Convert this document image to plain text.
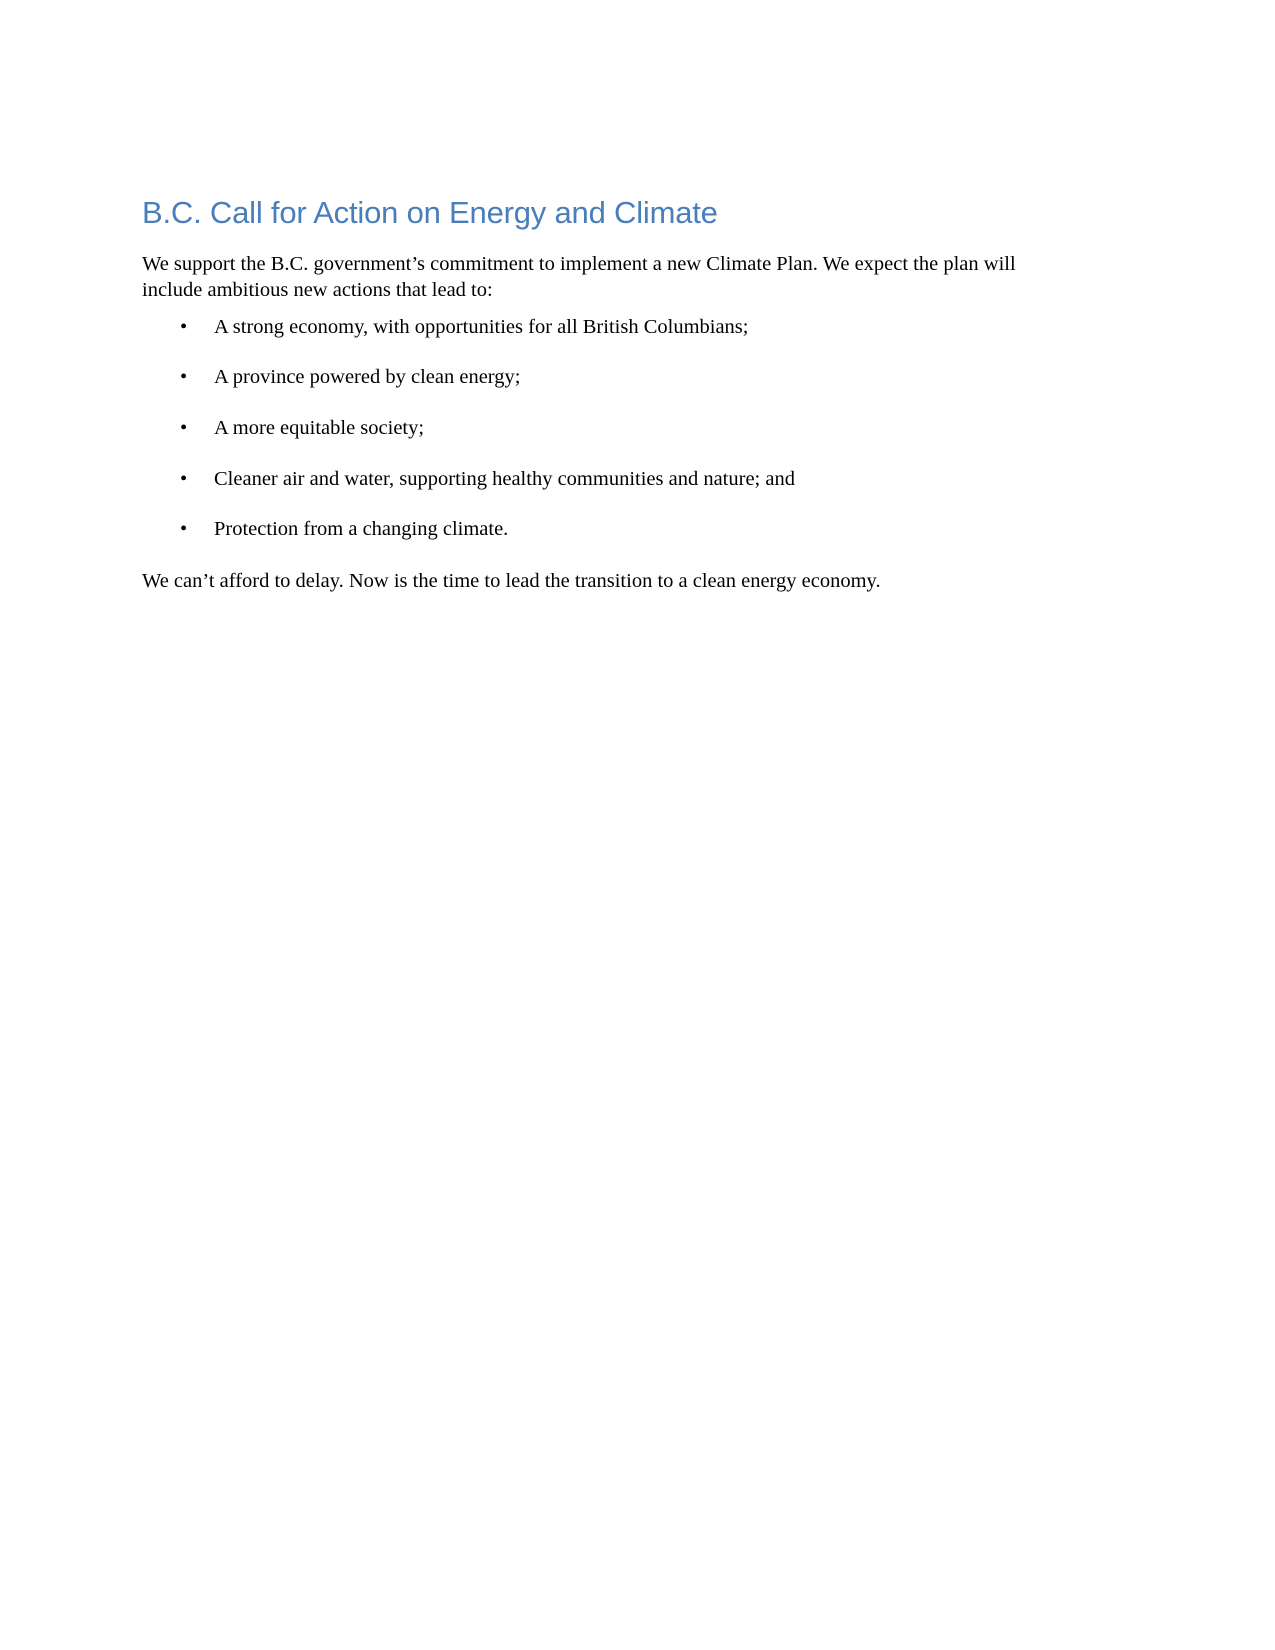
B.C. Call for Action on Energy and Climate

We support the B.C. government’s commitment to implement a new Climate Plan. We expect the plan will include ambitious new actions that lead to:

• A strong economy, with opportunities for all British Columbians;
• A province powered by clean energy;
• A more equitable society;
• Cleaner air and water, supporting healthy communities and nature; and
• Protection from a changing climate.

We can’t afford to delay. Now is the time to lead the transition to a clean energy economy.
